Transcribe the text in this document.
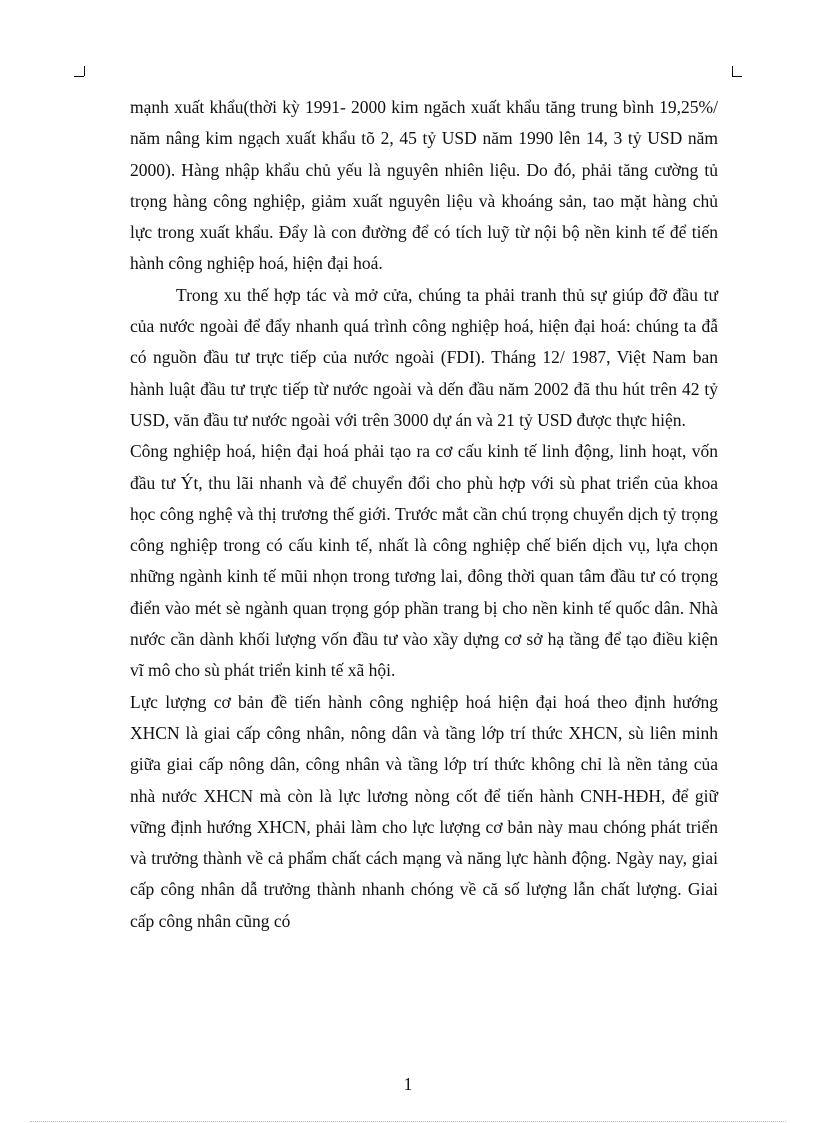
mạnh xuất khẩu(thời kỳ 1991- 2000 kim ngăch xuất khẩu tăng trung bình 19,25%/ năm nâng kim ngạch xuất khẩu tõ 2, 45 tỷ USD năm 1990 lên 14, 3 tỷ USD năm 2000). Hàng nhập khẩu chủ yếu là nguyên nhiên liệu. Do đó, phải tăng cường tủ trọng hàng công nghiệp, giảm xuất nguyên liệu và khoáng sản, tao mặt hàng chủ lực trong xuất khẩu. Đẩy là con đường để có tích luỹ từ nội bộ nền kinh tế để tiến hành công nghiệp hoá, hiện đại hoá.

Trong xu thế hợp tác và mở cửa, chúng ta phải tranh thủ sự giúp đỡ đầu tư của nước ngoài để đẩy nhanh quá trình công nghiệp hoá, hiện đại hoá: chúng ta đẫ có nguồn đầu tư trực tiếp của nước ngoài (FDI). Tháng 12/ 1987, Việt Nam ban hành luật đầu tư trực tiếp từ nước ngoài và dến đầu năm 2002 đã thu hút trên 42 tỷ USD, văn đầu tư nước ngoài với trên 3000 dự án và 21 tỷ USD được thực hiện.

Công nghiệp hoá, hiện đại hoá phải tạo ra cơ cấu kinh tế linh động, linh hoạt, vốn đầu tư Ýt, thu lãi nhanh và để chuyển đổi cho phù hợp với sù phat triển của khoa học công nghệ và thị trương thế giới. Trước mắt cần chú trọng chuyển dịch tỷ trọng công nghiệp trong có cấu kinh tế, nhất là công nghiệp chế biến dịch vụ, lựa chọn những ngành kinh tế mũi nhọn trong tương lai, đông thời quan tâm đầu tư có trọng điển vào mét sè ngành quan trọng góp phần trang bị cho nền kinh tế quốc dân. Nhà nước cần dành khối lượng vốn đầu tư vào xầy dựng cơ sở hạ tầng để tạo điều kiện vĩ mô cho sù phát triển kinh tế xã hội.

Lực lượng cơ bản đề tiến hành công nghiệp hoá hiện đại hoá theo định hướng XHCN là giai cấp công nhân, nông dân và tầng lớp trí thức XHCN, sù liên minh giữa giai cấp nông dân, công nhân và tầng lớp trí thức không chỉ là nền tảng của nhà nước XHCN mà còn là lực lương nòng cốt để tiến hành CNH-HĐH, để giữ vững định hướng XHCN, phải làm cho lực lượng cơ bản này mau chóng phát triển và trưởng thành về cả phẩm chất cách mạng và năng lực hành động. Ngày nay, giai cấp công nhân dẫ trưởng thành nhanh chóng về că số lượng lẫn chất lượng. Giai cấp công nhân cũng có

1
